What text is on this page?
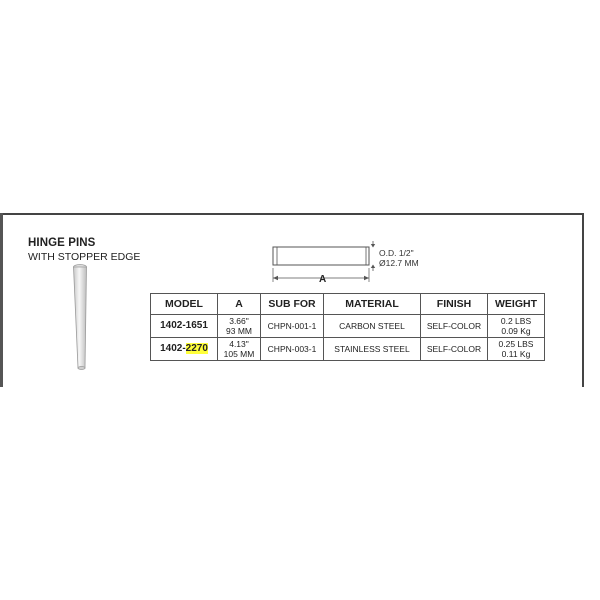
HINGE PINS
WITH STOPPER EDGE	O.D. 1/2"
Ø12.7 MM
A
MODEL	A	SUB FOR	MATERIAL	FINISH	WEIGHT
1402-1651	3.66"
93 MM	CHPN-001-1	CARBON STEEL	SELF-COLOR	0.2 LBS
0.09 Kg

1402-2270	4.13"
105 MM	CHPN-003-1	STAINLESS STEEL	SELF-COLOR	0.25 LBS
0.11 Kg
